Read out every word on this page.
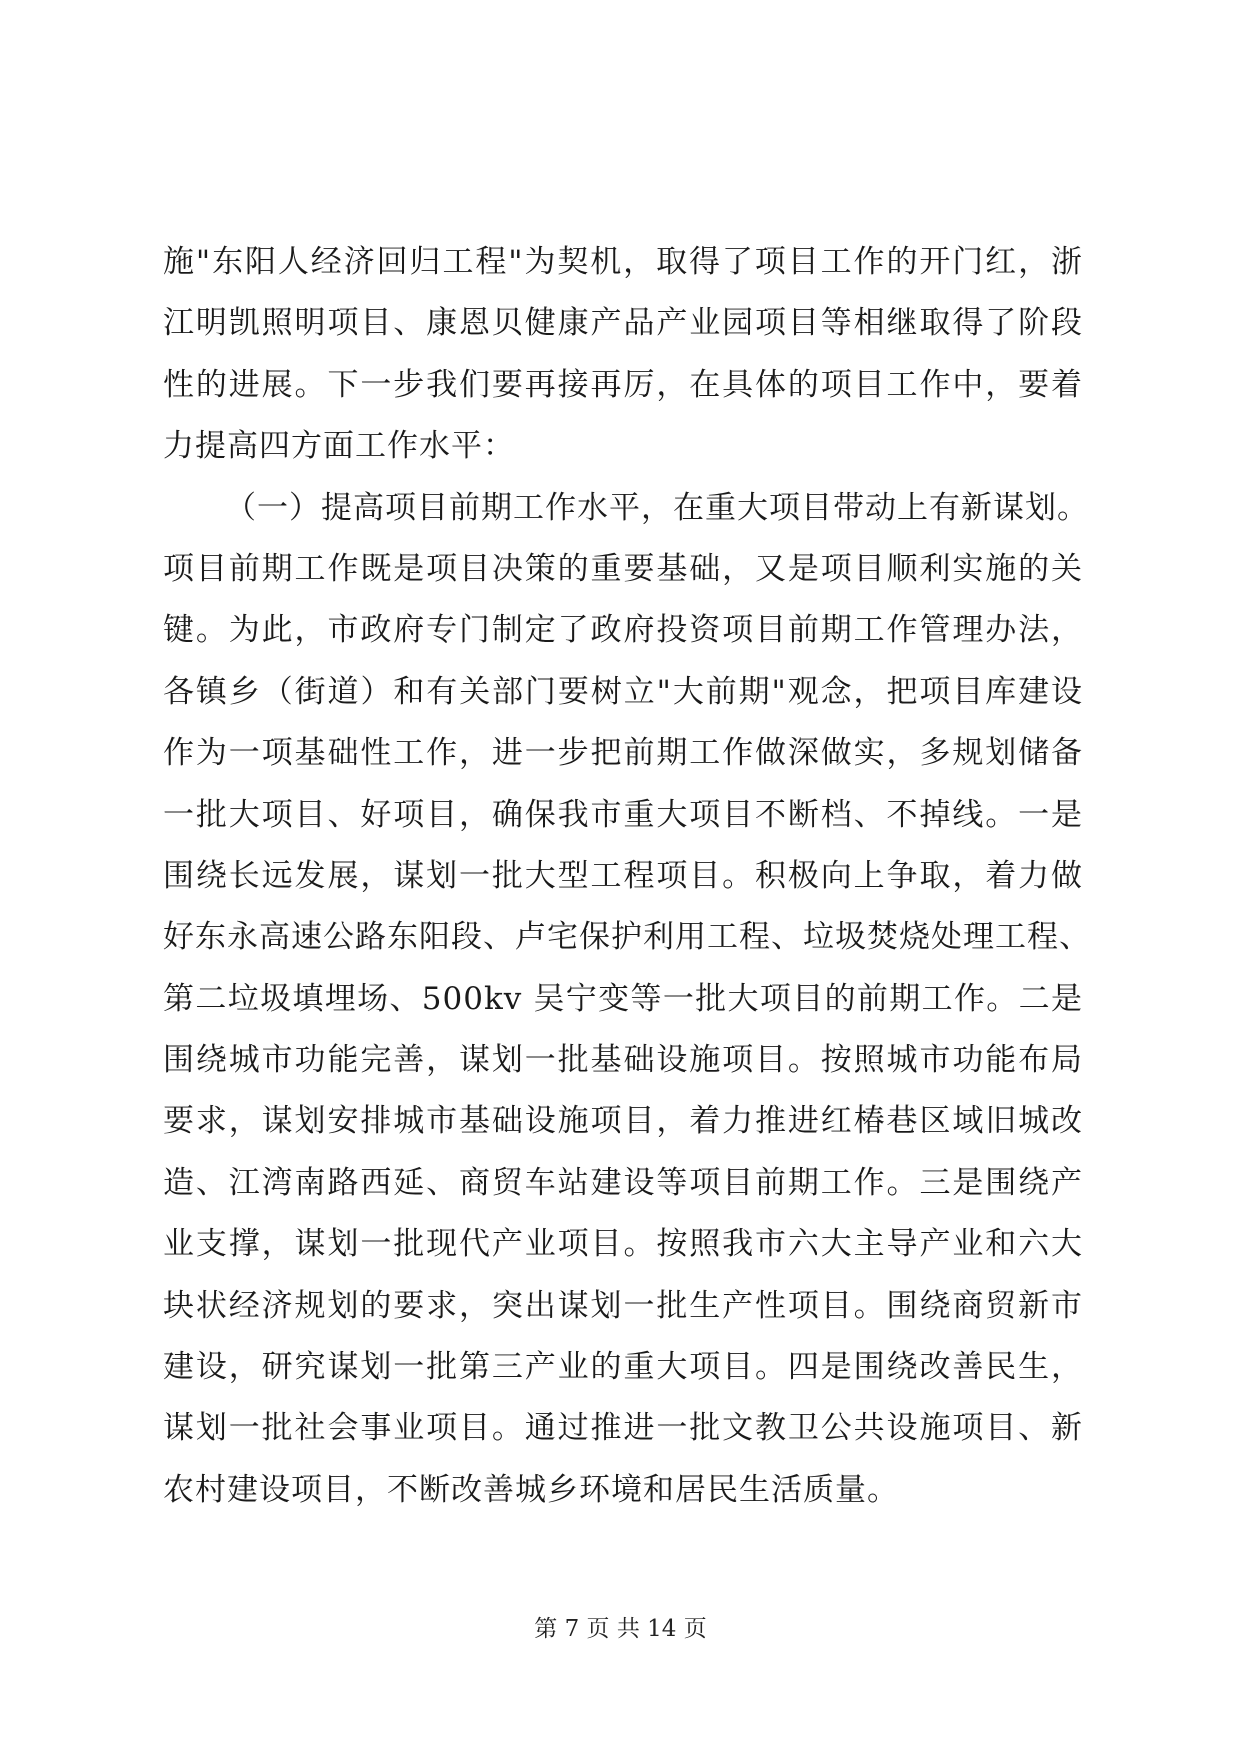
施"东阳人经济回归工程"为契机，取得了项目工作的开门红，浙
江明凯照明项目、康恩贝健康产品产业园项目等相继取得了阶段
性的进展。下一步我们要再接再厉，在具体的项目工作中，要着
力提高四方面工作水平：
（一）提高项目前期工作水平，在重大项目带动上有新谋划。
项目前期工作既是项目决策的重要基础，又是项目顺利实施的关
键。为此，市政府专门制定了政府投资项目前期工作管理办法，
各镇乡（街道）和有关部门要树立"大前期"观念，把项目库建设
作为一项基础性工作，进一步把前期工作做深做实，多规划储备
一批大项目、好项目，确保我市重大项目不断档、不掉线。一是
围绕长远发展，谋划一批大型工程项目。积极向上争取，着力做
好东永高速公路东阳段、卢宅保护利用工程、垃圾焚烧处理工程、
第二垃圾填埋场、500kv 吴宁变等一批大项目的前期工作。二是
围绕城市功能完善，谋划一批基础设施项目。按照城市功能布局
要求，谋划安排城市基础设施项目，着力推进红椿巷区域旧城改
造、江湾南路西延、商贸车站建设等项目前期工作。三是围绕产
业支撑，谋划一批现代产业项目。按照我市六大主导产业和六大
块状经济规划的要求，突出谋划一批生产性项目。围绕商贸新市
建设，研究谋划一批第三产业的重大项目。四是围绕改善民生，
谋划一批社会事业项目。通过推进一批文教卫公共设施项目、新
农村建设项目，不断改善城乡环境和居民生活质量。
第 7 页 共 14 页
